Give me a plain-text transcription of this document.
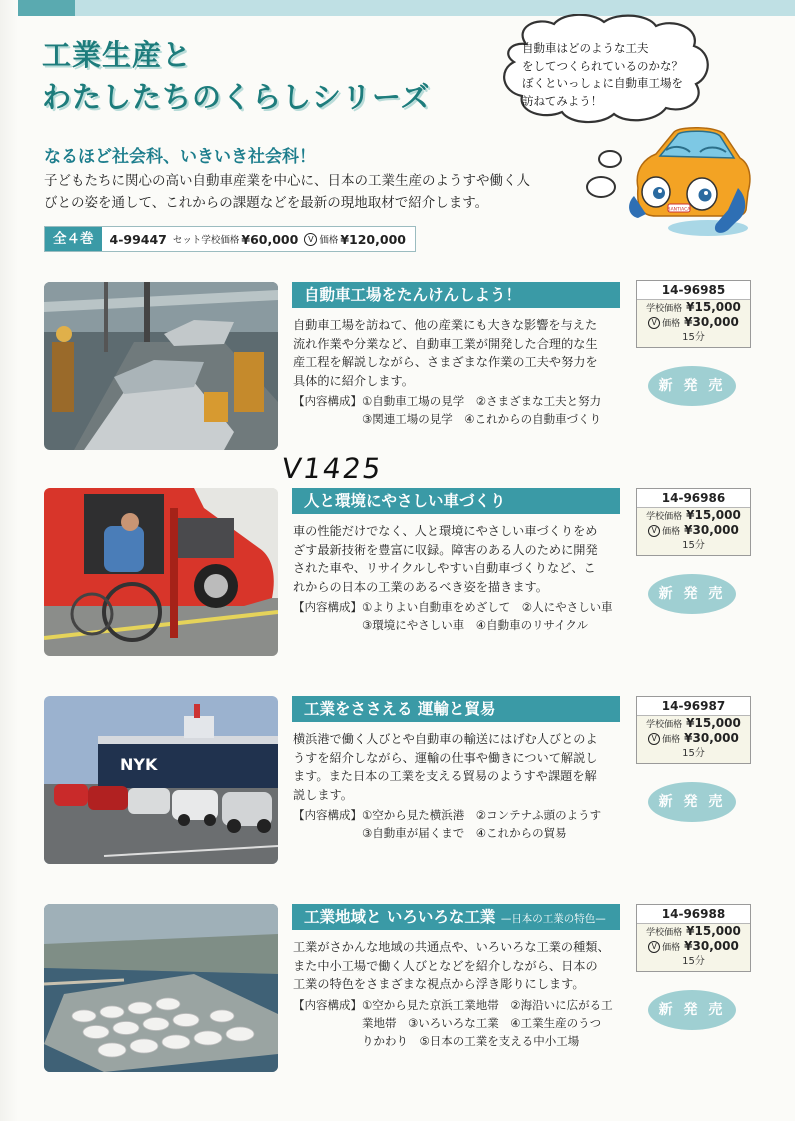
工業生産と
わたしたちのくらしシリーズ
自動車はどのような工夫
をしてつくられているのかな？
ぼくといっしょに自動車工場を
訪ねてみよう！
SANTIACA
なるほど社会科、いきいき社会科！
子どもたちに関心の高い自動車産業を中心に、日本の工業生産のようすや働く人
びとの姿を通して、これからの課題などを最新の現地取材で紹介します。
全４巻	4-99447 セット学校価格 ¥60,000	V 価格 ¥120,000
自動車工場をたんけんしよう！
自動車工場を訪ねて、他の産業にも大きな影響を与えた
流れ作業や分業など、自動車工業が開発した合理的な生
産工程を解説しながら、さまざまな作業の工夫や努力を
具体的に紹介します。
【内容構成】①自動車工場の見学　②さまざまな工夫と努力
　　　　　　③関連工場の見学　④これからの自動車づくり
14-96985
学校価格 ¥15,000
V 価格 ¥30,000
15分
新 発 売
V1425
人と環境にやさしい車づくり
車の性能だけでなく、人と環境にやさしい車づくりをめ
ざす最新技術を豊富に収録。障害のある人のために開発
された車や、リサイクルしやすい自動車づくりなど、こ
れからの日本の工業のあるべき姿を描きます。
【内容構成】①よりよい自動車をめざして　②人にやさしい車
　　　　　　③環境にやさしい車　④自動車のリサイクル
14-96986
学校価格 ¥15,000
V 価格 ¥30,000
15分
新 発 売
NYK
工業をささえる 運輸と貿易
横浜港で働く人びとや自動車の輸送にはげむ人びとのよ
うすを紹介しながら、運輸の仕事や働きについて解説し
ます。また日本の工業を支える貿易のようすや課題を解
説します。
【内容構成】①空から見た横浜港　②コンテナふ頭のようす
　　　　　　③自動車が届くまで　④これからの貿易
14-96987
学校価格 ¥15,000
V 価格 ¥30,000
15分
新 発 売
工業地域と いろいろな工業 —日本の工業の特色—
工業がさかんな地域の共通点や、いろいろな工業の種類、
また中小工場で働く人びとなどを紹介しながら、日本の
工業の特色をさまざまな視点から浮き彫りにします。
【内容構成】①空から見た京浜工業地帯　②海沿いに広がる工
　　　　　　業地帯　③いろいろな工業　④工業生産のうつ
　　　　　　りかわり　⑤日本の工業を支える中小工場
14-96988
学校価格 ¥15,000
V 価格 ¥30,000
15分
新 発 売
